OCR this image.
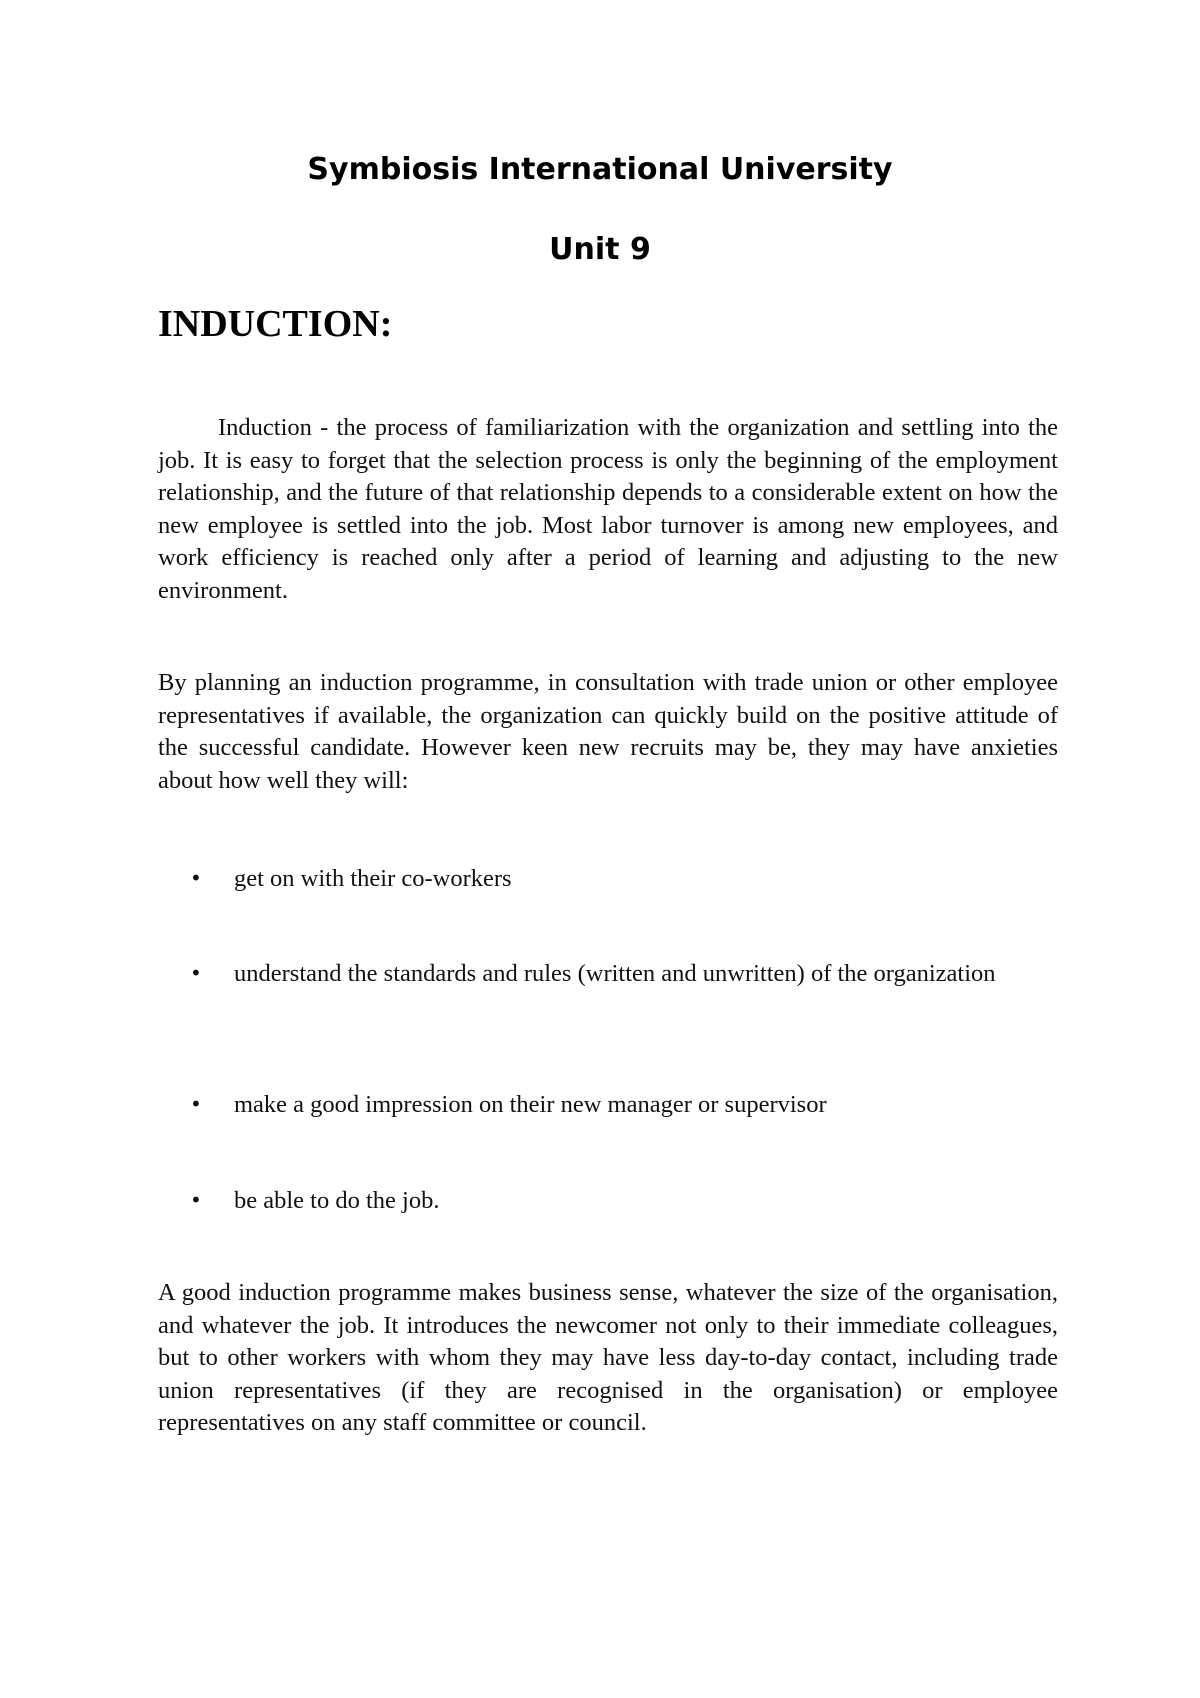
Symbiosis International University
Unit 9
INDUCTION:

Induction - the process of familiarization with the organization and settling into the job. It is easy to forget that the selection process is only the beginning of the employment relationship, and the future of that relationship depends to a considerable extent on how the new employee is settled into the job. Most labor turnover is among new employees, and work efficiency is reached only after a period of learning and adjusting to the new environment.

By planning an induction programme, in consultation with trade union or other employee representatives if available, the organization can quickly build on the positive attitude of the successful candidate. However keen new recruits may be, they may have anxieties about how well they will:

• get on with their co-workers
• understand the standards and rules (written and unwritten) of the organization
• make a good impression on their new manager or supervisor
• be able to do the job.

A good induction programme makes business sense, whatever the size of the organisation, and whatever the job. It introduces the newcomer not only to their immediate colleagues, but to other workers with whom they may have less day-to-day contact, including trade union representatives (if they are recognised in the organisation) or employee representatives on any staff committee or council.
